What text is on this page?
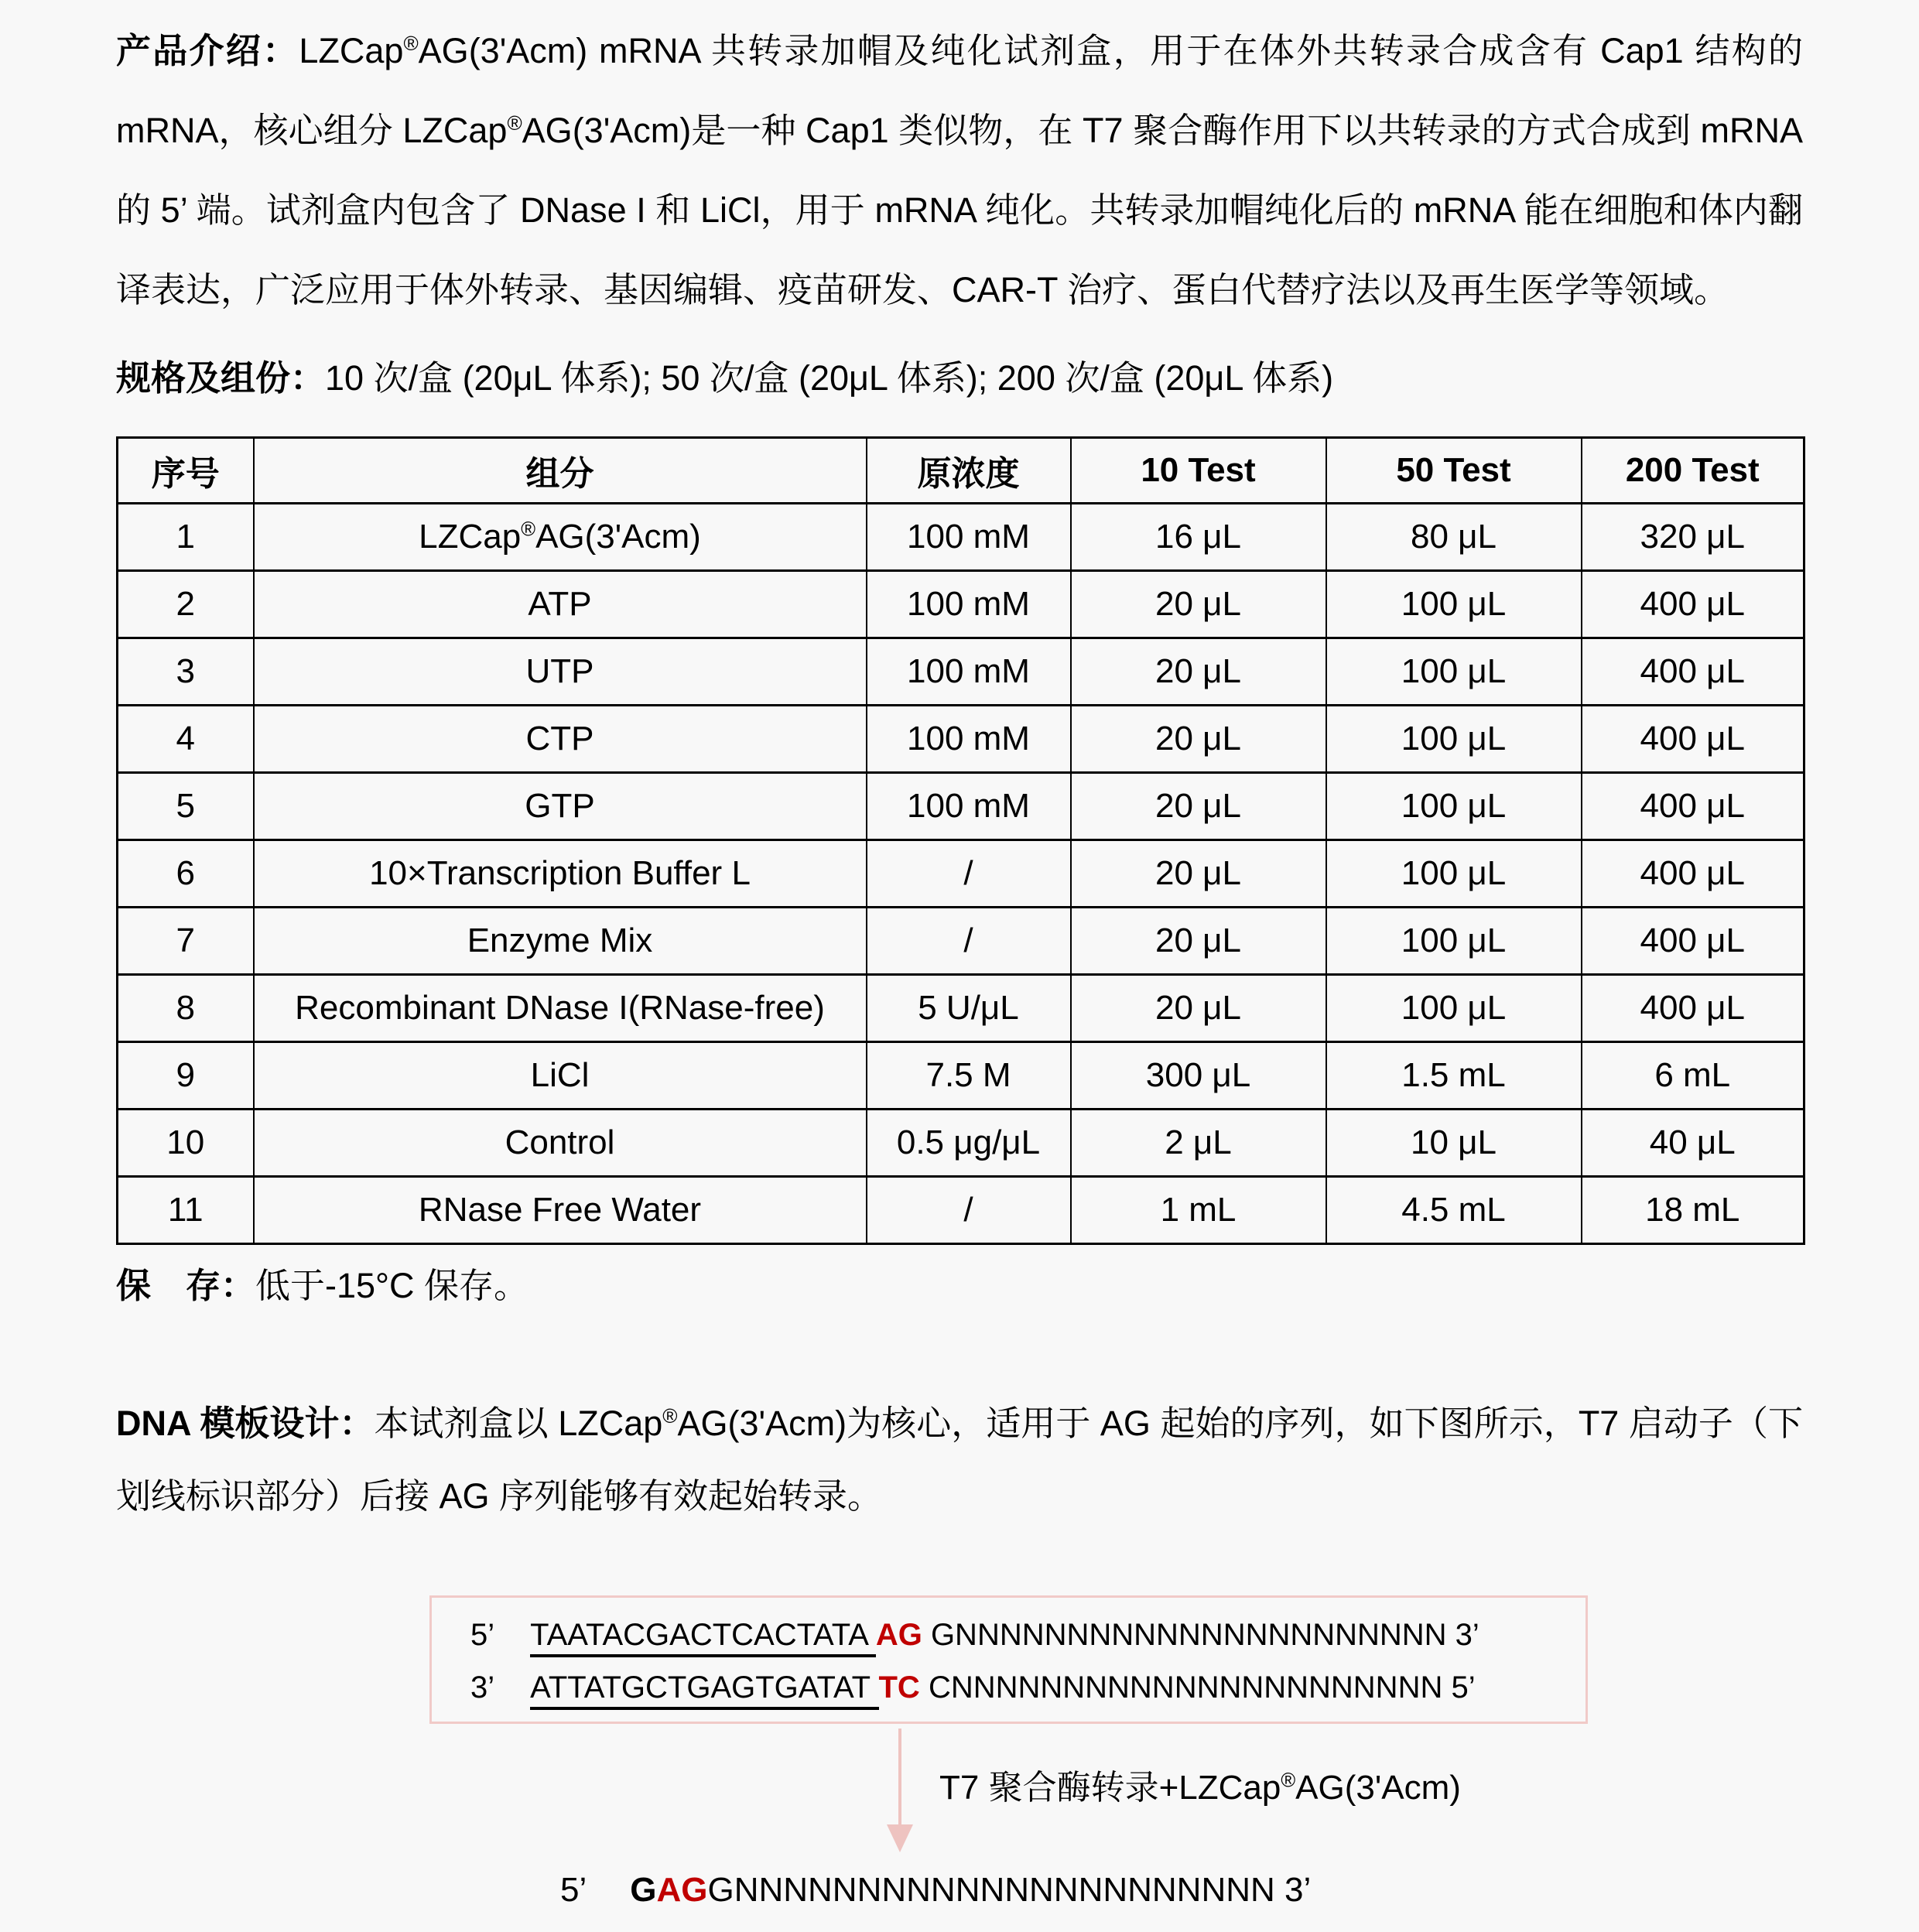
产品介绍：LZCap®AG(3'Acm) mRNA 共转录加帽及纯化试剂盒，用于在体外共转录合成含有 Cap1 结构的 mRNA，核心组分 LZCap®AG(3'Acm)是一种 Cap1 类似物，在 T7 聚合酶作用下以共转录的方式合成到 mRNA 的 5’ 端。试剂盒内包含了 DNase I 和 LiCl，用于 mRNA 纯化。共转录加帽纯化后的 mRNA 能在细胞和体内翻译表达，广泛应用于体外转录、基因编辑、疫苗研发、CAR-T 治疗、蛋白代替疗法以及再生医学等领域。

规格及组份：10 次/盒 (20μL 体系); 50 次/盒 (20μL 体系); 200 次/盒 (20μL 体系)

序号	组分	原浓度	10 Test	50 Test	200 Test
1	LZCap®AG(3'Acm)	100 mM	16 μL	80 μL	320 μL
2	ATP	100 mM	20 μL	100 μL	400 μL
3	UTP	100 mM	20 μL	100 μL	400 μL
4	CTP	100 mM	20 μL	100 μL	400 μL
5	GTP	100 mM	20 μL	100 μL	400 μL
6	10×Transcription Buffer L	/	20 μL	100 μL	400 μL
7	Enzyme Mix	/	20 μL	100 μL	400 μL
8	Recombinant DNase I(RNase-free)	5 U/μL	20 μL	100 μL	400 μL
9	LiCl	7.5 M	300 μL	1.5 mL	6 mL
10	Control	0.5 μg/μL	2 μL	10 μL	40 μL
11	RNase Free Water	/	1 mL	4.5 mL	18 mL

保　存：低于-15°C 保存。

DNA 模板设计：本试剂盒以 LZCap®AG(3'Acm)为核心，适用于 AG 起始的序列，如下图所示，T7 启动子（下划线标识部分）后接 AG 序列能够有效起始转录。

5’ TAATACGACTCACTATA AG GNNNNNNNNNNNNNNNNNNNNNN 3’
3’ ATTATGCTGAGTGATAT TC CNNNNNNNNNNNNNNNNNNNNNN 5’
T7 聚合酶转录+LZCap®AG(3'Acm)
5’ GAGGNNNNNNNNNNNNNNNNNNNNNN 3’
